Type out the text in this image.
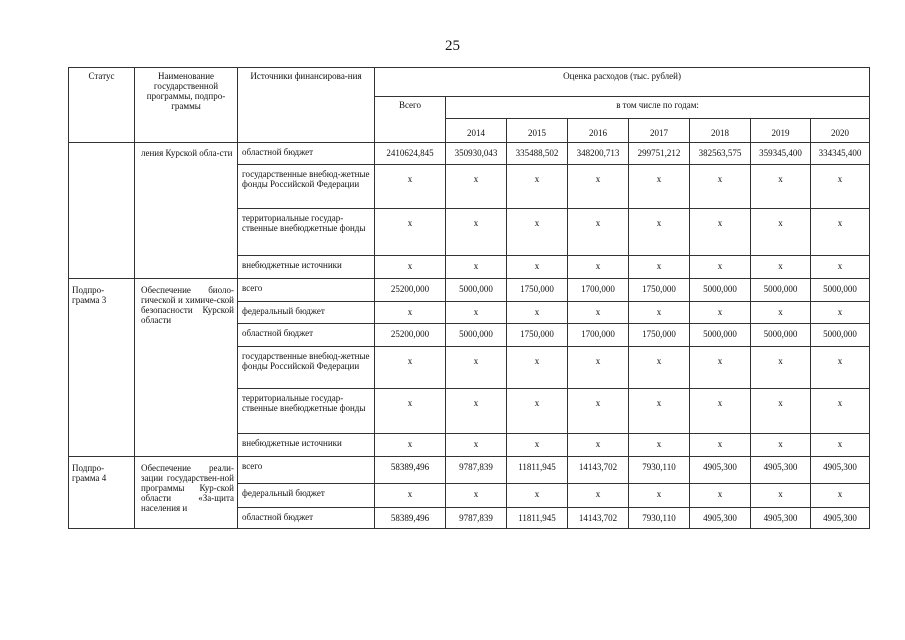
25
Статус	Наименование государственной программы, подпро-граммы	Источники финансирова-ния	Оценка расходов (тыс. рублей)							
			Всего	в том числе по годам:						
				2014	2015	2016	2017	2018	2019	2020
	ления Курской обла-сти	областной бюджет	2410624,845	350930,043	335488,502	348200,713	299751,212	382563,575	359345,400	334345,400
		государственные внебюд-жетные фонды Российской Федерации	x	x	x	x	x	x	x	x
		территориальные государ-ственные внебюджетные фонды	x	x	x	x	x	x	x	x
		внебюджетные источники	x	x	x	x	x	x	x	x
Подпро-грамма 3	Обеспечение биоло-гической и химиче-ской безопасности Курской области	всего	25200,000	5000,000	1750,000	1700,000	1750,000	5000,000	5000,000	5000,000
		федеральный бюджет	x	x	x	x	x	x	x	x
		областной бюджет	25200,000	5000,000	1750,000	1700,000	1750,000	5000,000	5000,000	5000,000
		государственные внебюд-жетные фонды Российской Федерации	x	x	x	x	x	x	x	x
		территориальные государ-ственные внебюджетные фонды	x	x	x	x	x	x	x	x
		внебюджетные источники	x	x	x	x	x	x	x	x
Подпро-грамма 4	Обеспечение реали-зации государствен-ной программы Кур-ской области «За-щита населения и	всего	58389,496	9787,839	11811,945	14143,702	7930,110	4905,300	4905,300	4905,300
		федеральный бюджет	x	x	x	x	x	x	x	x
		областной бюджет	58389,496	9787,839	11811,945	14143,702	7930,110	4905,300	4905,300	4905,300
